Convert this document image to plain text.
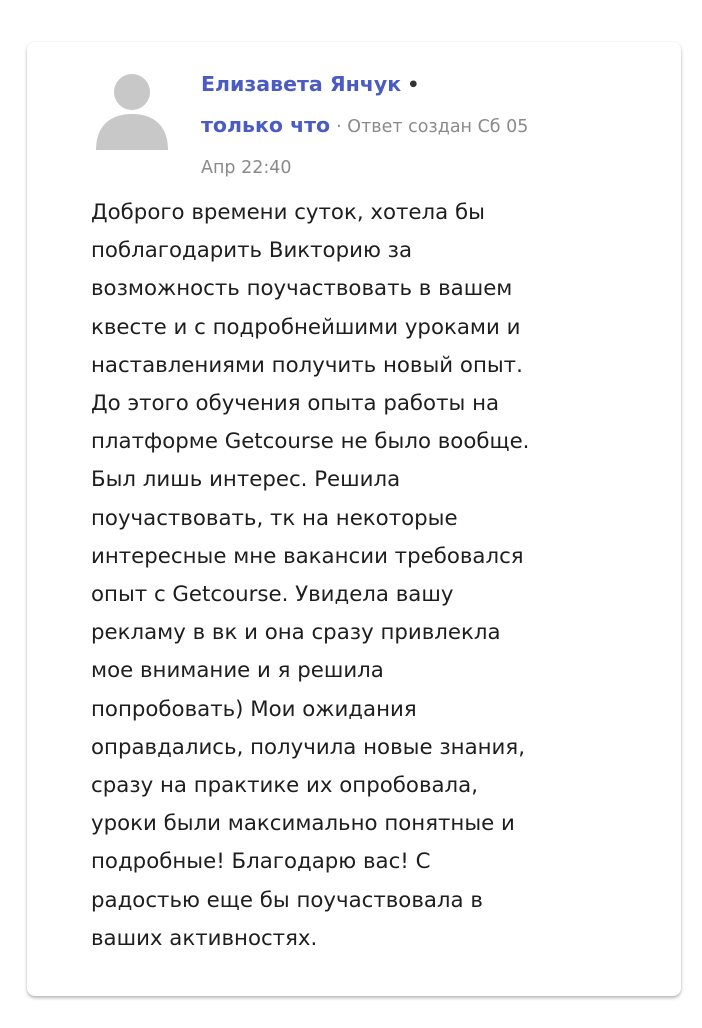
Елизавета Янчук •
только что · Ответ создан Сб 05
Апр 22:40
Доброго времени суток, хотела бы
поблагодарить Викторию за
возможность поучаствовать в вашем
квесте и с подробнейшими уроками и
наставлениями получить новый опыт.
До этого обучения опыта работы на
платформе Getcourse не было вообще.
Был лишь интерес. Решила
поучаствовать, тк на некоторые
интересные мне вакансии требовался
опыт с Getcourse. Увидела вашу
рекламу в вк и она сразу привлекла
мое внимание и я решила
попробовать) Мои ожидания
оправдались, получила новые знания,
сразу на практике их опробовала,
уроки были максимально понятные и
подробные! Благодарю вас! С
радостью еще бы поучаствовала в
ваших активностях.
